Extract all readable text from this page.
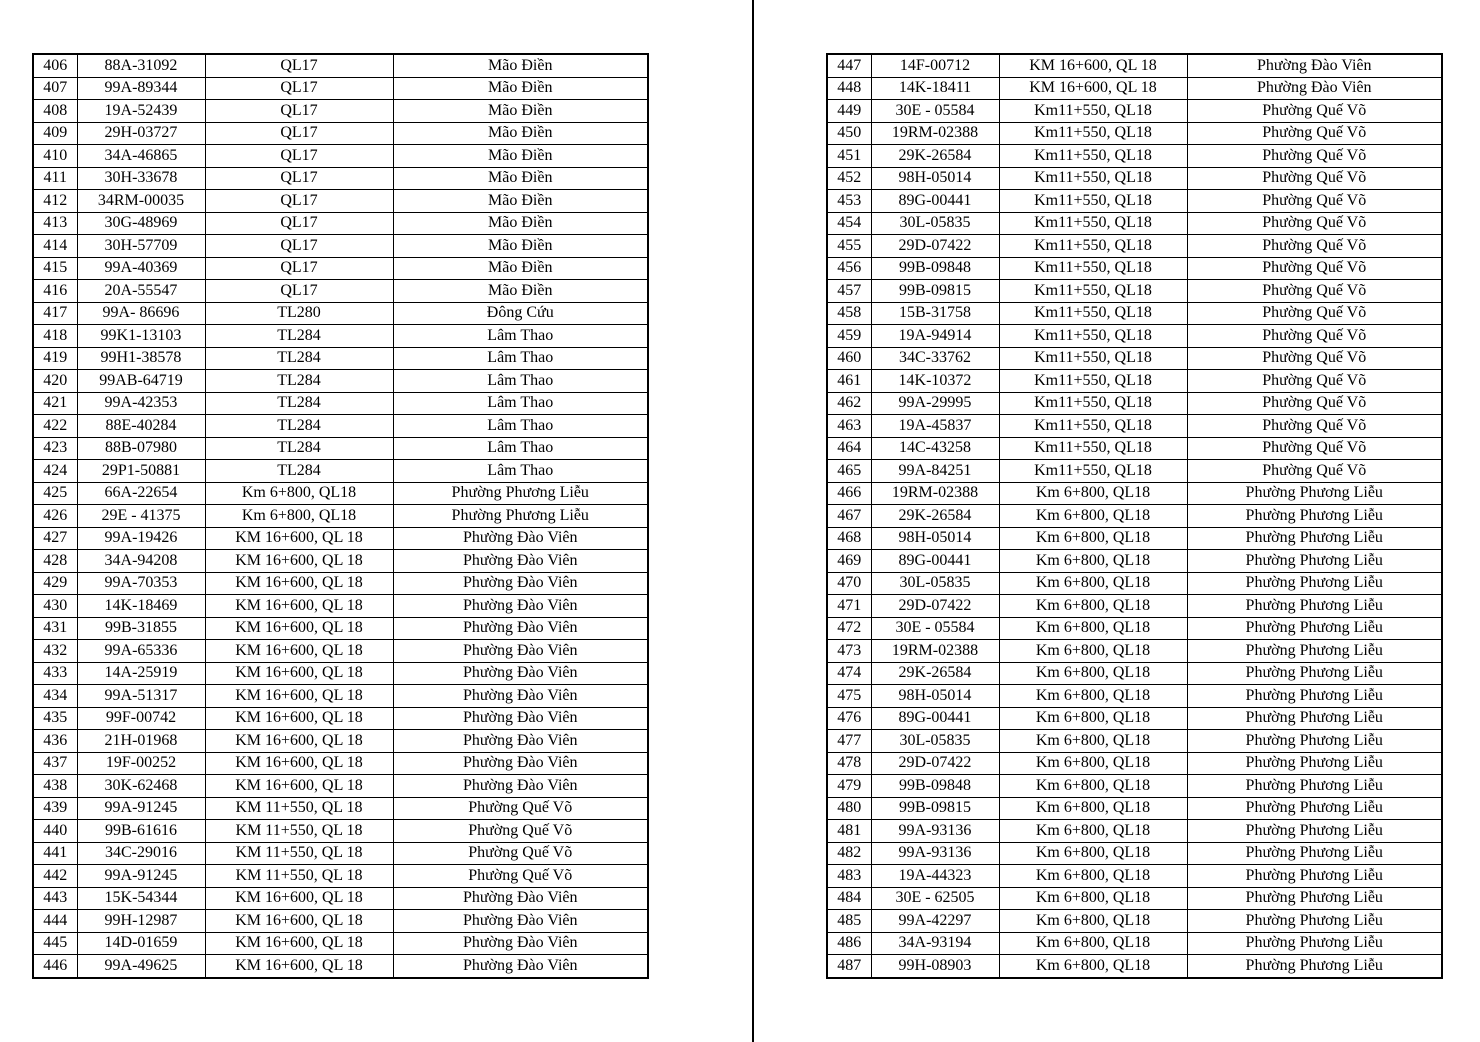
406	88A-31092	QL17	Mão Điền
407	99A-89344	QL17	Mão Điền
408	19A-52439	QL17	Mão Điền
409	29H-03727	QL17	Mão Điền
410	34A-46865	QL17	Mão Điền
411	30H-33678	QL17	Mão Điền
412	34RM-00035	QL17	Mão Điền
413	30G-48969	QL17	Mão Điền
414	30H-57709	QL17	Mão Điền
415	99A-40369	QL17	Mão Điền
416	20A-55547	QL17	Mão Điền
417	99A- 86696	TL280	Đông Cứu
418	99K1-13103	TL284	Lâm Thao
419	99H1-38578	TL284	Lâm Thao
420	99AB-64719	TL284	Lâm Thao
421	99A-42353	TL284	Lâm Thao
422	88E-40284	TL284	Lâm Thao
423	88B-07980	TL284	Lâm Thao
424	29P1-50881	TL284	Lâm Thao
425	66A-22654	Km 6+800, QL18	Phường Phương Liễu
426	29E - 41375	Km 6+800, QL18	Phường Phương Liễu
427	99A-19426	KM 16+600, QL 18	Phường Đào Viên
428	34A-94208	KM 16+600, QL 18	Phường Đào Viên
429	99A-70353	KM 16+600, QL 18	Phường Đào Viên
430	14K-18469	KM 16+600, QL 18	Phường Đào Viên
431	99B-31855	KM 16+600, QL 18	Phường Đào Viên
432	99A-65336	KM 16+600, QL 18	Phường Đào Viên
433	14A-25919	KM 16+600, QL 18	Phường Đào Viên
434	99A-51317	KM 16+600, QL 18	Phường Đào Viên
435	99F-00742	KM 16+600, QL 18	Phường Đào Viên
436	21H-01968	KM 16+600, QL 18	Phường Đào Viên
437	19F-00252	KM 16+600, QL 18	Phường Đào Viên
438	30K-62468	KM 16+600, QL 18	Phường Đào Viên
439	99A-91245	KM 11+550, QL 18	Phường Quế Võ
440	99B-61616	KM 11+550, QL 18	Phường Quế Võ
441	34C-29016	KM 11+550, QL 18	Phường Quế Võ
442	99A-91245	KM 11+550, QL 18	Phường Quế Võ
443	15K-54344	KM 16+600, QL 18	Phường Đào Viên
444	99H-12987	KM 16+600, QL 18	Phường Đào Viên
445	14D-01659	KM 16+600, QL 18	Phường Đào Viên
446	99A-49625	KM 16+600, QL 18	Phường Đào Viên
447	14F-00712	KM 16+600, QL 18	Phường Đào Viên
448	14K-18411	KM 16+600, QL 18	Phường Đào Viên
449	30E - 05584	Km11+550, QL18	Phường Quế Võ
450	19RM-02388	Km11+550, QL18	Phường Quế Võ
451	29K-26584	Km11+550, QL18	Phường Quế Võ
452	98H-05014	Km11+550, QL18	Phường Quế Võ
453	89G-00441	Km11+550, QL18	Phường Quế Võ
454	30L-05835	Km11+550, QL18	Phường Quế Võ
455	29D-07422	Km11+550, QL18	Phường Quế Võ
456	99B-09848	Km11+550, QL18	Phường Quế Võ
457	99B-09815	Km11+550, QL18	Phường Quế Võ
458	15B-31758	Km11+550, QL18	Phường Quế Võ
459	19A-94914	Km11+550, QL18	Phường Quế Võ
460	34C-33762	Km11+550, QL18	Phường Quế Võ
461	14K-10372	Km11+550, QL18	Phường Quế Võ
462	99A-29995	Km11+550, QL18	Phường Quế Võ
463	19A-45837	Km11+550, QL18	Phường Quế Võ
464	14C-43258	Km11+550, QL18	Phường Quế Võ
465	99A-84251	Km11+550, QL18	Phường Quế Võ
466	19RM-02388	Km 6+800, QL18	Phường Phương Liễu
467	29K-26584	Km 6+800, QL18	Phường Phương Liễu
468	98H-05014	Km 6+800, QL18	Phường Phương Liễu
469	89G-00441	Km 6+800, QL18	Phường Phương Liễu
470	30L-05835	Km 6+800, QL18	Phường Phương Liễu
471	29D-07422	Km 6+800, QL18	Phường Phương Liễu
472	30E - 05584	Km 6+800, QL18	Phường Phương Liễu
473	19RM-02388	Km 6+800, QL18	Phường Phương Liễu
474	29K-26584	Km 6+800, QL18	Phường Phương Liễu
475	98H-05014	Km 6+800, QL18	Phường Phương Liễu
476	89G-00441	Km 6+800, QL18	Phường Phương Liễu
477	30L-05835	Km 6+800, QL18	Phường Phương Liễu
478	29D-07422	Km 6+800, QL18	Phường Phương Liễu
479	99B-09848	Km 6+800, QL18	Phường Phương Liễu
480	99B-09815	Km 6+800, QL18	Phường Phương Liễu
481	99A-93136	Km 6+800, QL18	Phường Phương Liễu
482	99A-93136	Km 6+800, QL18	Phường Phương Liễu
483	19A-44323	Km 6+800, QL18	Phường Phương Liễu
484	30E - 62505	Km 6+800, QL18	Phường Phương Liễu
485	99A-42297	Km 6+800, QL18	Phường Phương Liễu
486	34A-93194	Km 6+800, QL18	Phường Phương Liễu
487	99H-08903	Km 6+800, QL18	Phường Phương Liễu
